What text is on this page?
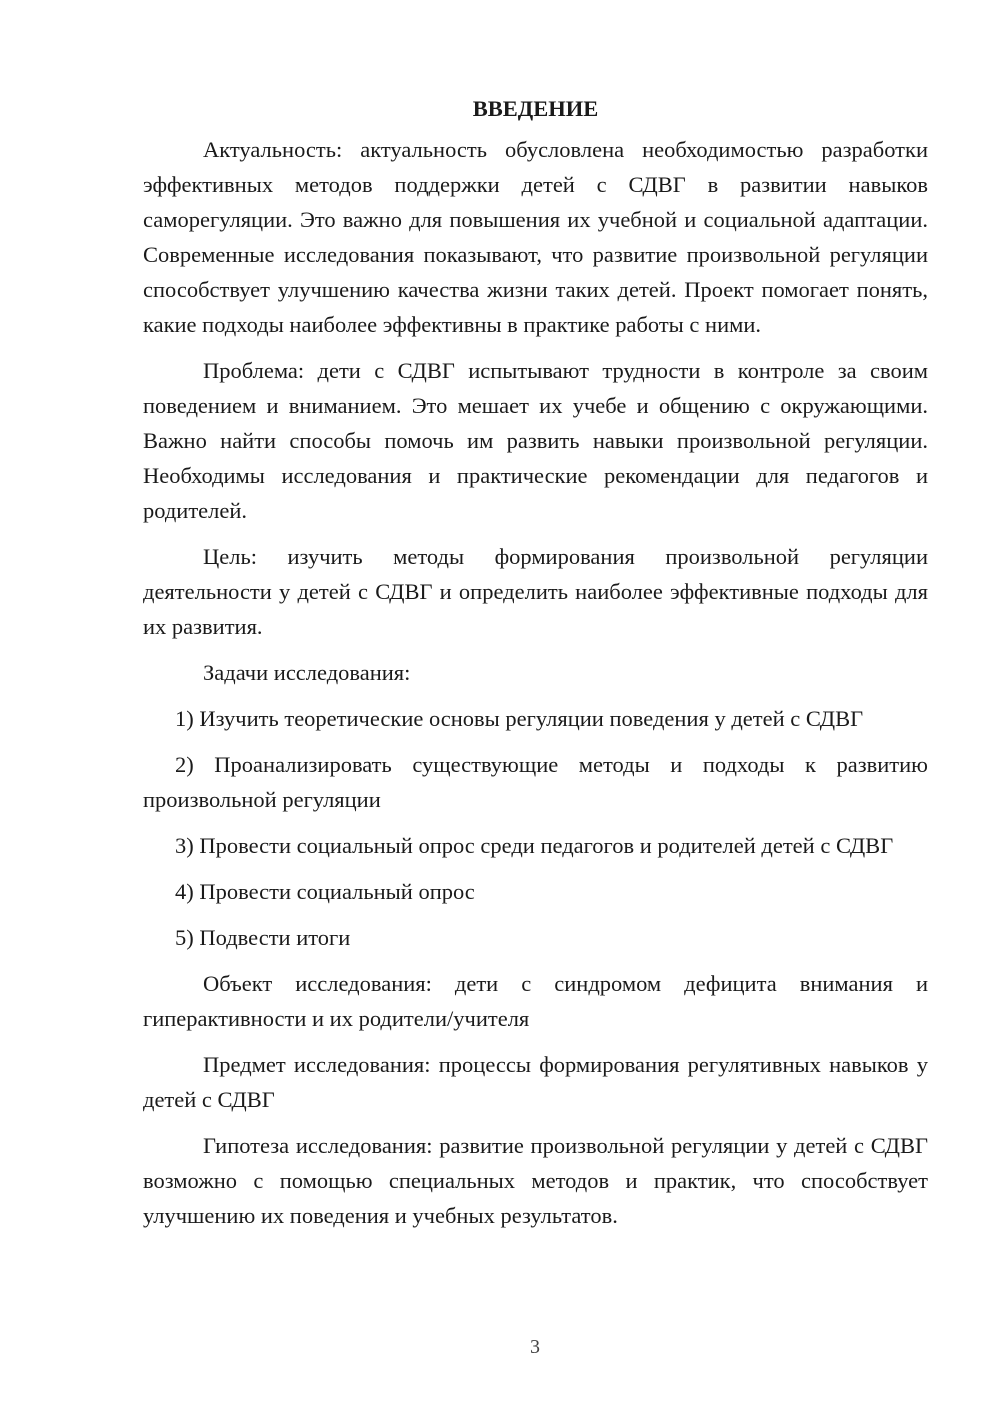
ВВЕДЕНИЕ

Актуальность: актуальность обусловлена необходимостью разработки эффективных методов поддержки детей с СДВГ в развитии навыков саморегуляции. Это важно для повышения их учебной и социальной адаптации. Современные исследования показывают, что развитие произвольной регуляции способствует улучшению качества жизни таких детей. Проект помогает понять, какие подходы наиболее эффективны в практике работы с ними.

Проблема: дети с СДВГ испытывают трудности в контроле за своим поведением и вниманием. Это мешает их учебе и общению с окружающими. Важно найти способы помочь им развить навыки произвольной регуляции. Необходимы исследования и практические рекомендации для педагогов и родителей.

Цель: изучить методы формирования произвольной регуляции деятельности у детей с СДВГ и определить наиболее эффективные подходы для их развития.

Задачи исследования:

1) Изучить теоретические основы регуляции поведения у детей с СДВГ

2) Проанализировать существующие методы и подходы к развитию произвольной регуляции

3) Провести социальный опрос среди педагогов и родителей детей с СДВГ

4) Провести социальный опрос

5) Подвести итоги

Объект исследования: дети с синдромом дефицита внимания и гиперактивности и их родители/учителя

Предмет исследования: процессы формирования регулятивных навыков у детей с СДВГ

Гипотеза исследования: развитие произвольной регуляции у детей с СДВГ возможно с помощью специальных методов и практик, что способствует улучшению их поведения и учебных результатов.

3
